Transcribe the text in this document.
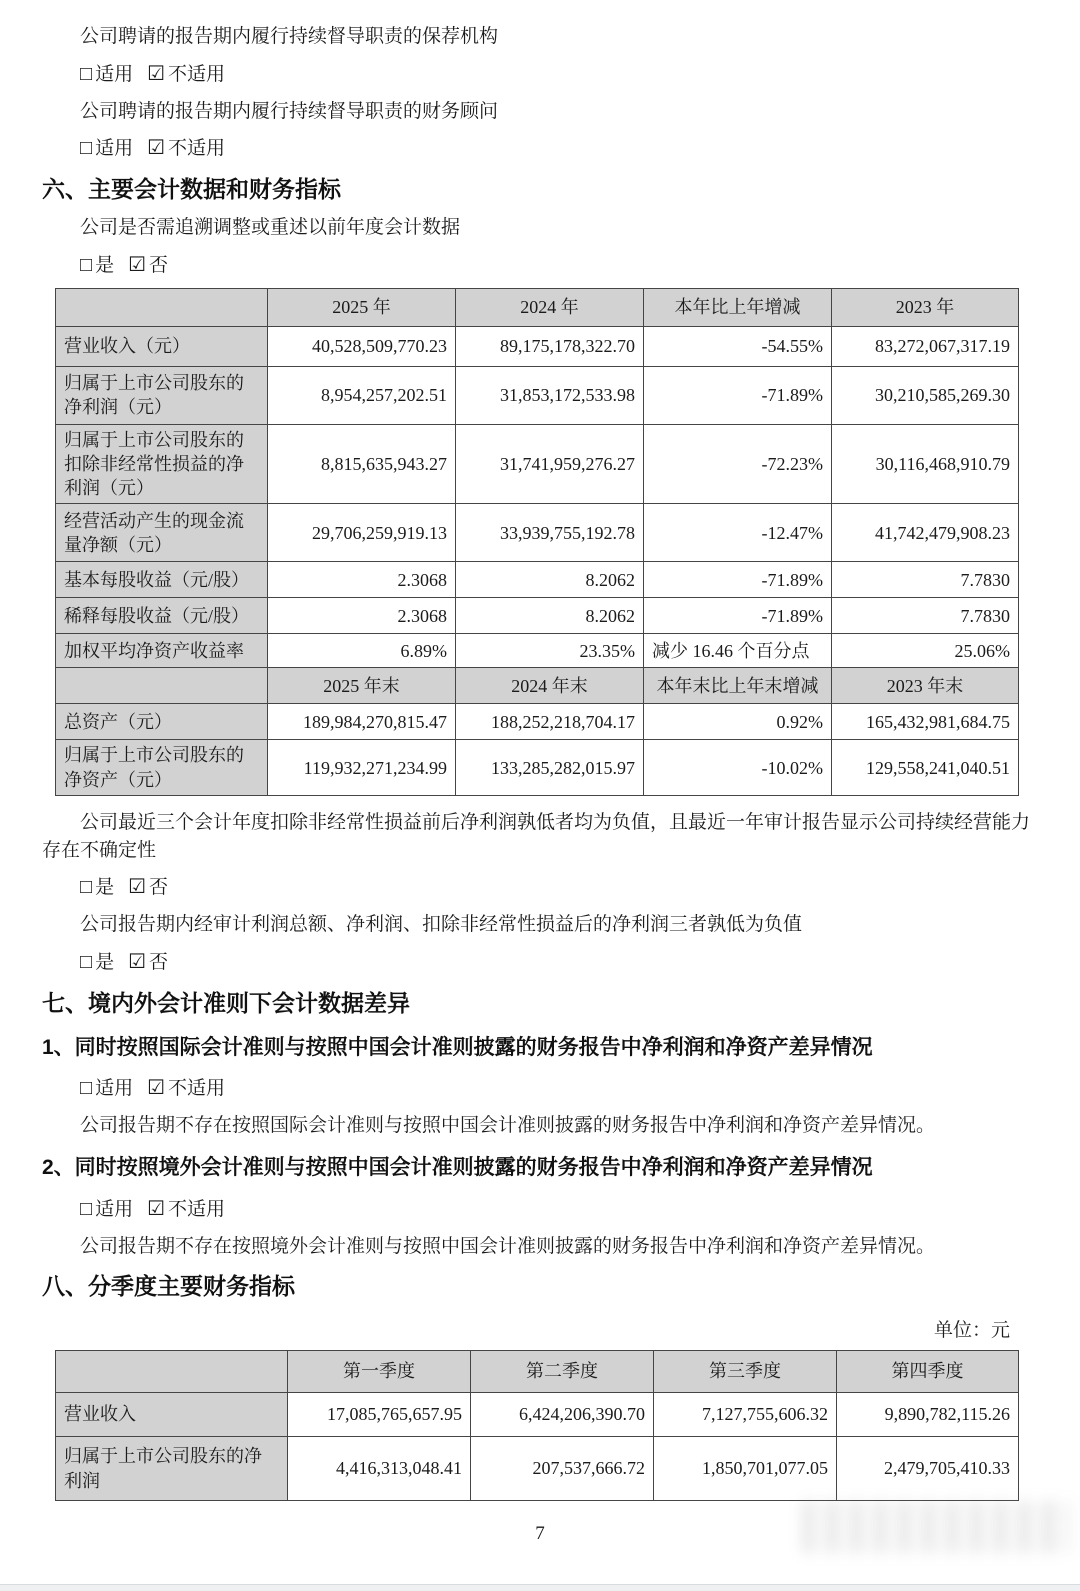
公司聘请的报告期内履行持续督导职责的保荐机构

□ 适用 ☑ 不适用

公司聘请的报告期内履行持续督导职责的财务顾问

□ 适用 ☑ 不适用

六、主要会计数据和财务指标

公司是否需追溯调整或重述以前年度会计数据

□ 是 ☑ 否

	2025 年	2024 年	本年比上年增减	2023 年
营业收入（元）	40,528,509,770.23	89,175,178,322.70	-54.55%	83,272,067,317.19
归属于上市公司股东的净利润（元）	8,954,257,202.51	31,853,172,533.98	-71.89%	30,210,585,269.30
归属于上市公司股东的扣除非经常性损益的净利润（元）	8,815,635,943.27	31,741,959,276.27	-72.23%	30,116,468,910.79
经营活动产生的现金流量净额（元）	29,706,259,919.13	33,939,755,192.78	-12.47%	41,742,479,908.23
基本每股收益（元/股）	2.3068	8.2062	-71.89%	7.7830
稀释每股收益（元/股）	2.3068	8.2062	-71.89%	7.7830
加权平均净资产收益率	6.89%	23.35%	减少 16.46 个百分点	25.06%
	2025 年末	2024 年末	本年末比上年末增减	2023 年末
总资产（元）	189,984,270,815.47	188,252,218,704.17	0.92%	165,432,981,684.75
归属于上市公司股东的净资产（元）	119,932,271,234.99	133,285,282,015.97	-10.02%	129,558,241,040.51

公司最近三个会计年度扣除非经常性损益前后净利润孰低者均为负值，且最近一年审计报告显示公司持续经营能力存在不确定性

□ 是 ☑ 否

公司报告期内经审计利润总额、净利润、扣除非经常性损益后的净利润三者孰低为负值

□ 是 ☑ 否

七、境内外会计准则下会计数据差异

1、同时按照国际会计准则与按照中国会计准则披露的财务报告中净利润和净资产差异情况

□ 适用 ☑ 不适用

公司报告期不存在按照国际会计准则与按照中国会计准则披露的财务报告中净利润和净资产差异情况。

2、同时按照境外会计准则与按照中国会计准则披露的财务报告中净利润和净资产差异情况

□ 适用 ☑ 不适用

公司报告期不存在按照境外会计准则与按照中国会计准则披露的财务报告中净利润和净资产差异情况。

八、分季度主要财务指标

单位：元

	第一季度	第二季度	第三季度	第四季度
营业收入	17,085,765,657.95	6,424,206,390.70	7,127,755,606.32	9,890,782,115.26
归属于上市公司股东的净利润	4,416,313,048.41	207,537,666.72	1,850,701,077.05	2,479,705,410.33

7
